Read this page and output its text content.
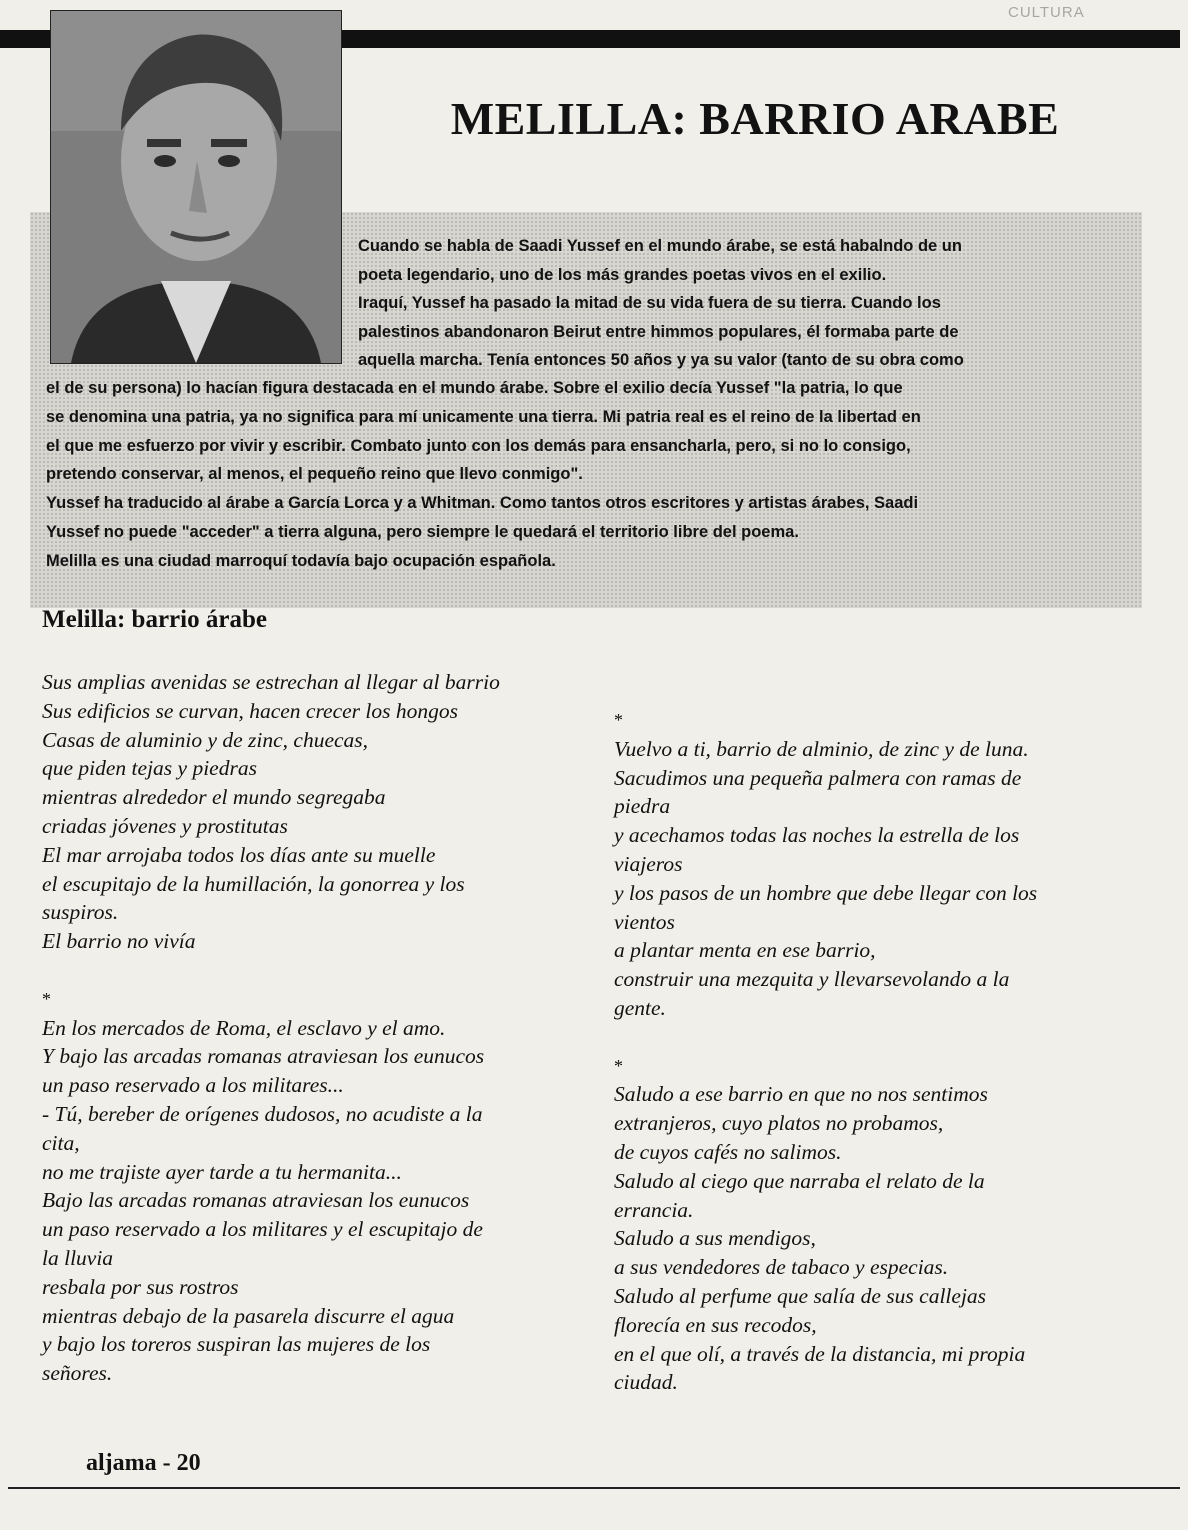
CULTURA
MELILLA: BARRIO ARABE
Cuando se habla de Saadi Yussef en el mundo árabe, se está habalndo de un
poeta legendario, uno de los más grandes poetas vivos en el exilio.
Iraquí, Yussef ha pasado la mitad de su vida fuera de su tierra. Cuando los
palestinos abandonaron Beirut entre himmos populares, él formaba parte de
aquella marcha. Tenía entonces 50 años y ya su valor (tanto de su obra como
el de su persona) lo hacían figura destacada en el mundo árabe. Sobre el exilio decía Yussef "la patria, lo que
se denomina una patria, ya no significa para mí unicamente una tierra. Mi patria real es el reino de la libertad en
el que me esfuerzo por vivir y escribir. Combato junto con los demás para ensancharla, pero, si no lo consigo,
pretendo conservar, al menos, el pequeño reino que llevo conmigo".
Yussef ha traducido al árabe a García Lorca y a Whitman. Como tantos otros escritores y artistas árabes, Saadi
Yussef no puede "acceder" a tierra alguna, pero siempre le quedará el territorio libre del poema.
Melilla es una ciudad marroquí todavía bajo ocupación española.
Melilla: barrio árabe
Sus amplias avenidas se estrechan al llegar al barrio
Sus edificios se curvan, hacen crecer los hongos
Casas de aluminio y de zinc, chuecas,
que piden tejas y piedras
mientras alrededor el mundo segregaba
criadas jóvenes y prostitutas
El mar arrojaba todos los días ante su muelle
el escupitajo de la humillación, la gonorrea y los
suspiros.
El barrio no vivía

*
En los mercados de Roma, el esclavo y el amo.
Y bajo las arcadas romanas atraviesan los eunucos
un paso reservado a los militares...
- Tú, bereber de orígenes dudosos, no acudiste a la
cita,
no me trajiste ayer tarde a tu hermanita...
Bajo las arcadas romanas atraviesan los eunucos
un paso reservado a los militares y el escupitajo de
la lluvia
resbala por sus rostros
mientras debajo de la pasarela discurre el agua
y bajo los toreros suspiran las mujeres de los
señores.
*
Vuelvo a ti, barrio de alminio, de zinc y de luna.
Sacudimos una pequeña palmera con ramas de
piedra
y acechamos todas las noches la estrella de los
viajeros
y los pasos de un hombre que debe llegar con los
vientos
a plantar menta en ese barrio,
construir una mezquita y llevarsevolando a la
gente.

*
Saludo a ese barrio en que no nos sentimos
extranjeros, cuyo platos no probamos,
de cuyos cafés no salimos.
Saludo al ciego que narraba el relato de la
errancia.
Saludo a sus mendigos,
a sus vendedores de tabaco y especias.
Saludo al perfume que salía de sus callejas
florecía en sus recodos,
en el que olí, a través de la distancia, mi propia
ciudad.
aljama - 20
